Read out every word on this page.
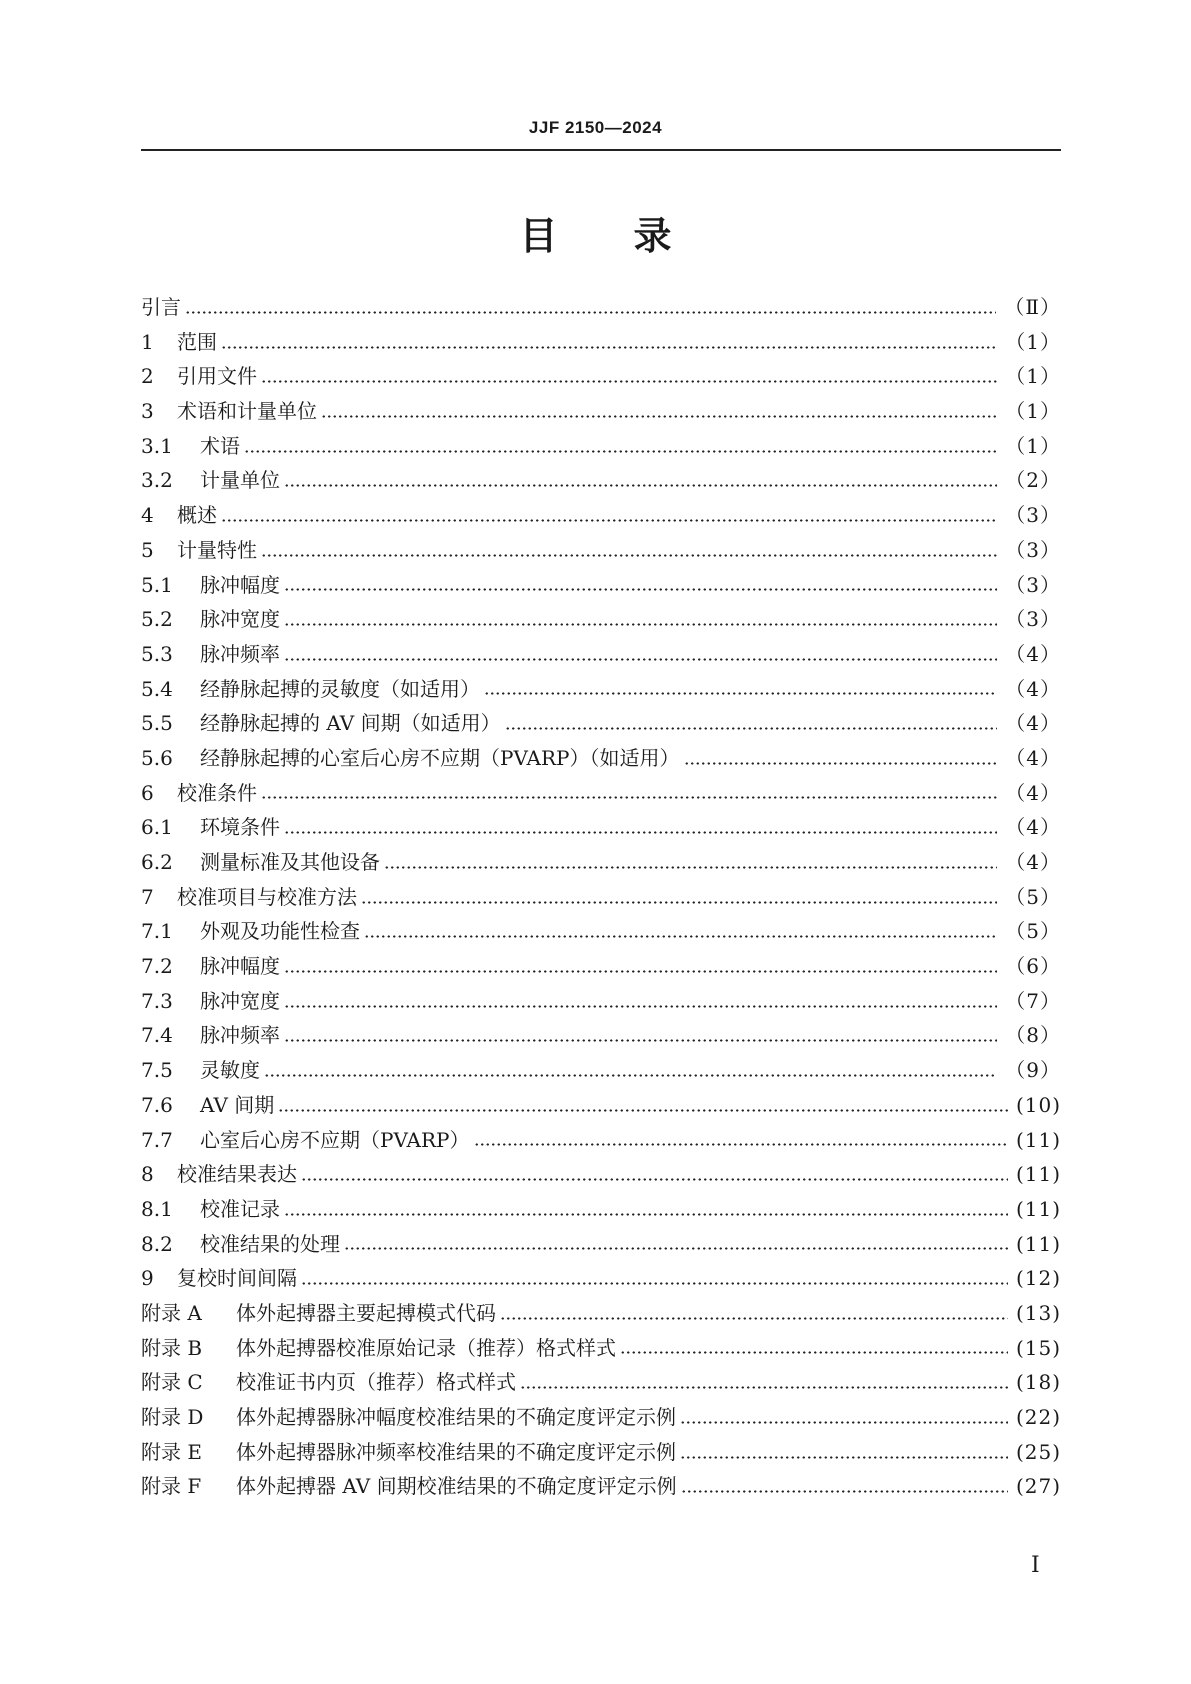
JJF 2150—2024
目 录
引言	（Ⅱ）
1	范围	（1）
2	引用文件	（1）
3	术语和计量单位	（1）
3.1	术语	（1）
3.2	计量单位	（2）
4	概述	（3）
5	计量特性	（3）
5.1	脉冲幅度	（3）
5.2	脉冲宽度	（3）
5.3	脉冲频率	（4）
5.4	经静脉起搏的灵敏度（如适用）	（4）
5.5	经静脉起搏的 AV 间期（如适用）	（4）
5.6	经静脉起搏的心室后心房不应期（PVARP）（如适用）	（4）
6	校准条件	（4）
6.1	环境条件	（4）
6.2	测量标准及其他设备	（4）
7	校准项目与校准方法	（5）
7.1	外观及功能性检查	（5）
7.2	脉冲幅度	（6）
7.3	脉冲宽度	（7）
7.4	脉冲频率	（8）
7.5	灵敏度	（9）
7.6	AV 间期	(10)
7.7	心室后心房不应期（PVARP）	(11)
8	校准结果表达	(11)
8.1	校准记录	(11)
8.2	校准结果的处理	(11)
9	复校时间间隔	(12)
附录 A	体外起搏器主要起搏模式代码	(13)
附录 B	体外起搏器校准原始记录（推荐）格式样式	(15)
附录 C	校准证书内页（推荐）格式样式	(18)
附录 D	体外起搏器脉冲幅度校准结果的不确定度评定示例	(22)
附录 E	体外起搏器脉冲频率校准结果的不确定度评定示例	(25)
附录 F	体外起搏器 AV 间期校准结果的不确定度评定示例	(27)
I
